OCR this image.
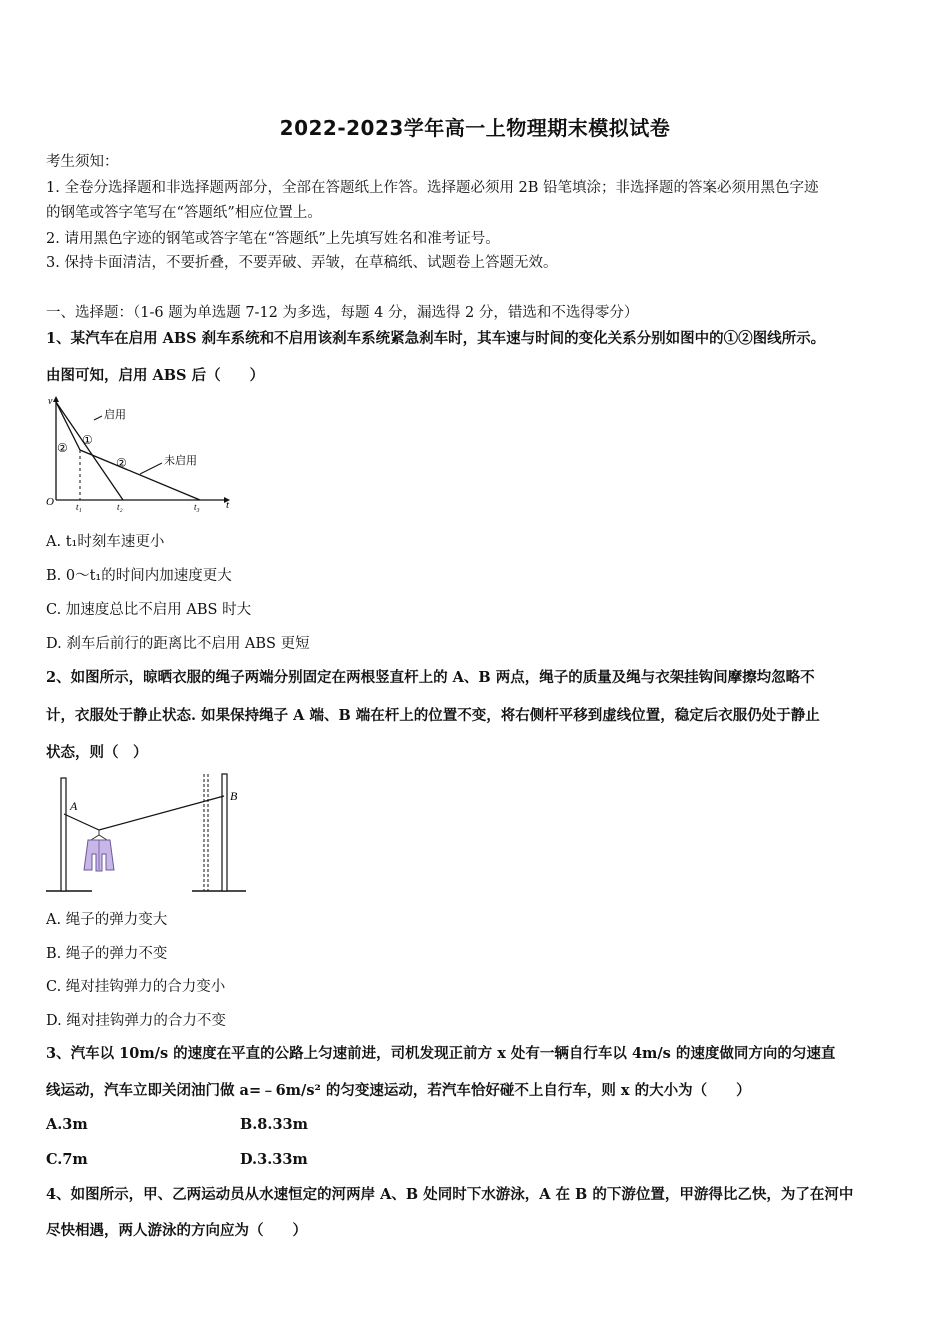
2022-2023学年高一上物理期末模拟试卷
考生须知：
1. 全卷分选择题和非选择题两部分，全部在答题纸上作答。选择题必须用 2B 铅笔填涂；非选择题的答案必须用黑色字迹
的钢笔或答字笔写在“答题纸”相应位置上。
2. 请用黑色字迹的钢笔或答字笔在“答题纸”上先填写姓名和准考证号。
3. 保持卡面清洁，不要折叠，不要弄破、弄皱，在草稿纸、试题卷上答题无效。
一、选择题：（1-6 题为单选题 7-12 为多选，每题 4 分，漏选得 2 分，错选和不选得零分）
1、某汽车在启用 ABS 刹车系统和不启用该刹车系统紧急刹车时，其车速与时间的变化关系分别如图中的①②图线所示。
由图可知，启用 ABS 后（　　）
v
t
O t₁	t₂	t₃
启用
未启用
①
②
②
A. t₁时刻车速更小
B. 0～t₁的时间内加速度更大
C. 加速度总比不启用 ABS 时大
D. 刹车后前行的距离比不启用 ABS 更短
2、如图所示，晾晒衣服的绳子两端分别固定在两根竖直杆上的 A、B 两点，绳子的质量及绳与衣架挂钩间摩擦均忽略不
计，衣服处于静止状态. 如果保持绳子 A 端、B 端在杆上的位置不变，将右侧杆平移到虚线位置，稳定后衣服仍处于静止
状态，则（　）
A
B
A. 绳子的弹力变大
B. 绳子的弹力不变
C. 绳对挂钩弹力的合力变小
D. 绳对挂钩弹力的合力不变
3、汽车以 10m/s 的速度在平直的公路上匀速前进，司机发现正前方 x 处有一辆自行车以 4m/s 的速度做同方向的匀速直
线运动，汽车立即关闭油门做 a=﹣6m/s² 的匀变速运动，若汽车恰好碰不上自行车，则 x 的大小为（　　）
A.3m	B.8.33m
C.7m	D.3.33m
4、如图所示，甲、乙两运动员从水速恒定的河两岸 A、B 处同时下水游泳，A 在 B 的下游位置，甲游得比乙快，为了在河中
尽快相遇，两人游泳的方向应为（　　）
